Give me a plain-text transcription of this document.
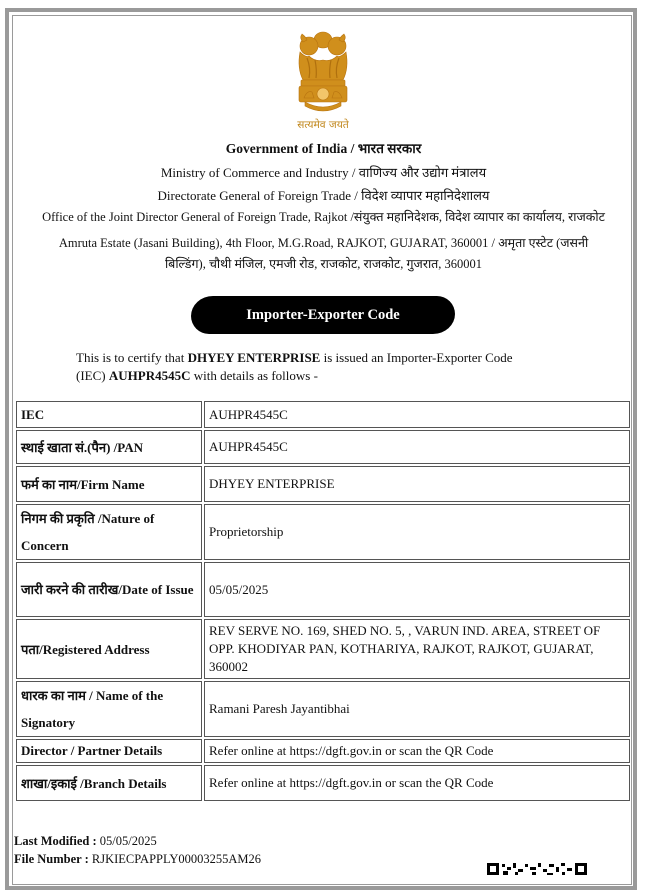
सत्यमेव जयते
Government of India / भारत सरकार
Ministry of Commerce and Industry / वाणिज्य और उद्योग मंत्रालय
Directorate General of Foreign Trade / विदेश व्यापार महानिदेशालय
Office of the Joint Director General of Foreign Trade, Rajkot /संयुक्त महानिदेशक, विदेश व्यापार का कार्यालय, राजकोट
Amruta Estate (Jasani Building), 4th Floor, M.G.Road, RAJKOT, GUJARAT, 360001 / अमृता एस्टेट (जसनी
बिल्डिंग), चौथी मंजिल, एमजी रोड, राजकोट, राजकोट, गुजरात, 360001
Importer-Exporter Code
This is to certify that DHYEY ENTERPRISE is issued an Importer-Exporter Code
(IEC) AUHPR4545C with details as follows -
IEC	AUHPR4545C
स्थाई खाता सं.(पैन) /PAN	AUHPR4545C
फर्म का नाम/Firm Name	DHYEY ENTERPRISE
निगम की प्रकृति /Nature of Concern	Proprietorship
जारी करने की तारीख/Date of Issue	05/05/2025
पता/Registered Address	REV SERVE NO. 169, SHED NO. 5, , VARUN IND. AREA, STREET OF OPP. KHODIYAR PAN, KOTHARIYA, RAJKOT, RAJKOT, GUJARAT, 360002
धारक का नाम / Name of the Signatory	Ramani Paresh Jayantibhai
Director / Partner Details	Refer online at https://dgft.gov.in or scan the QR Code
शाखा/इकाई /Branch Details	Refer online at https://dgft.gov.in or scan the QR Code
Last Modified : 05/05/2025
File Number : RJKIECPAPPLY00003255AM26
